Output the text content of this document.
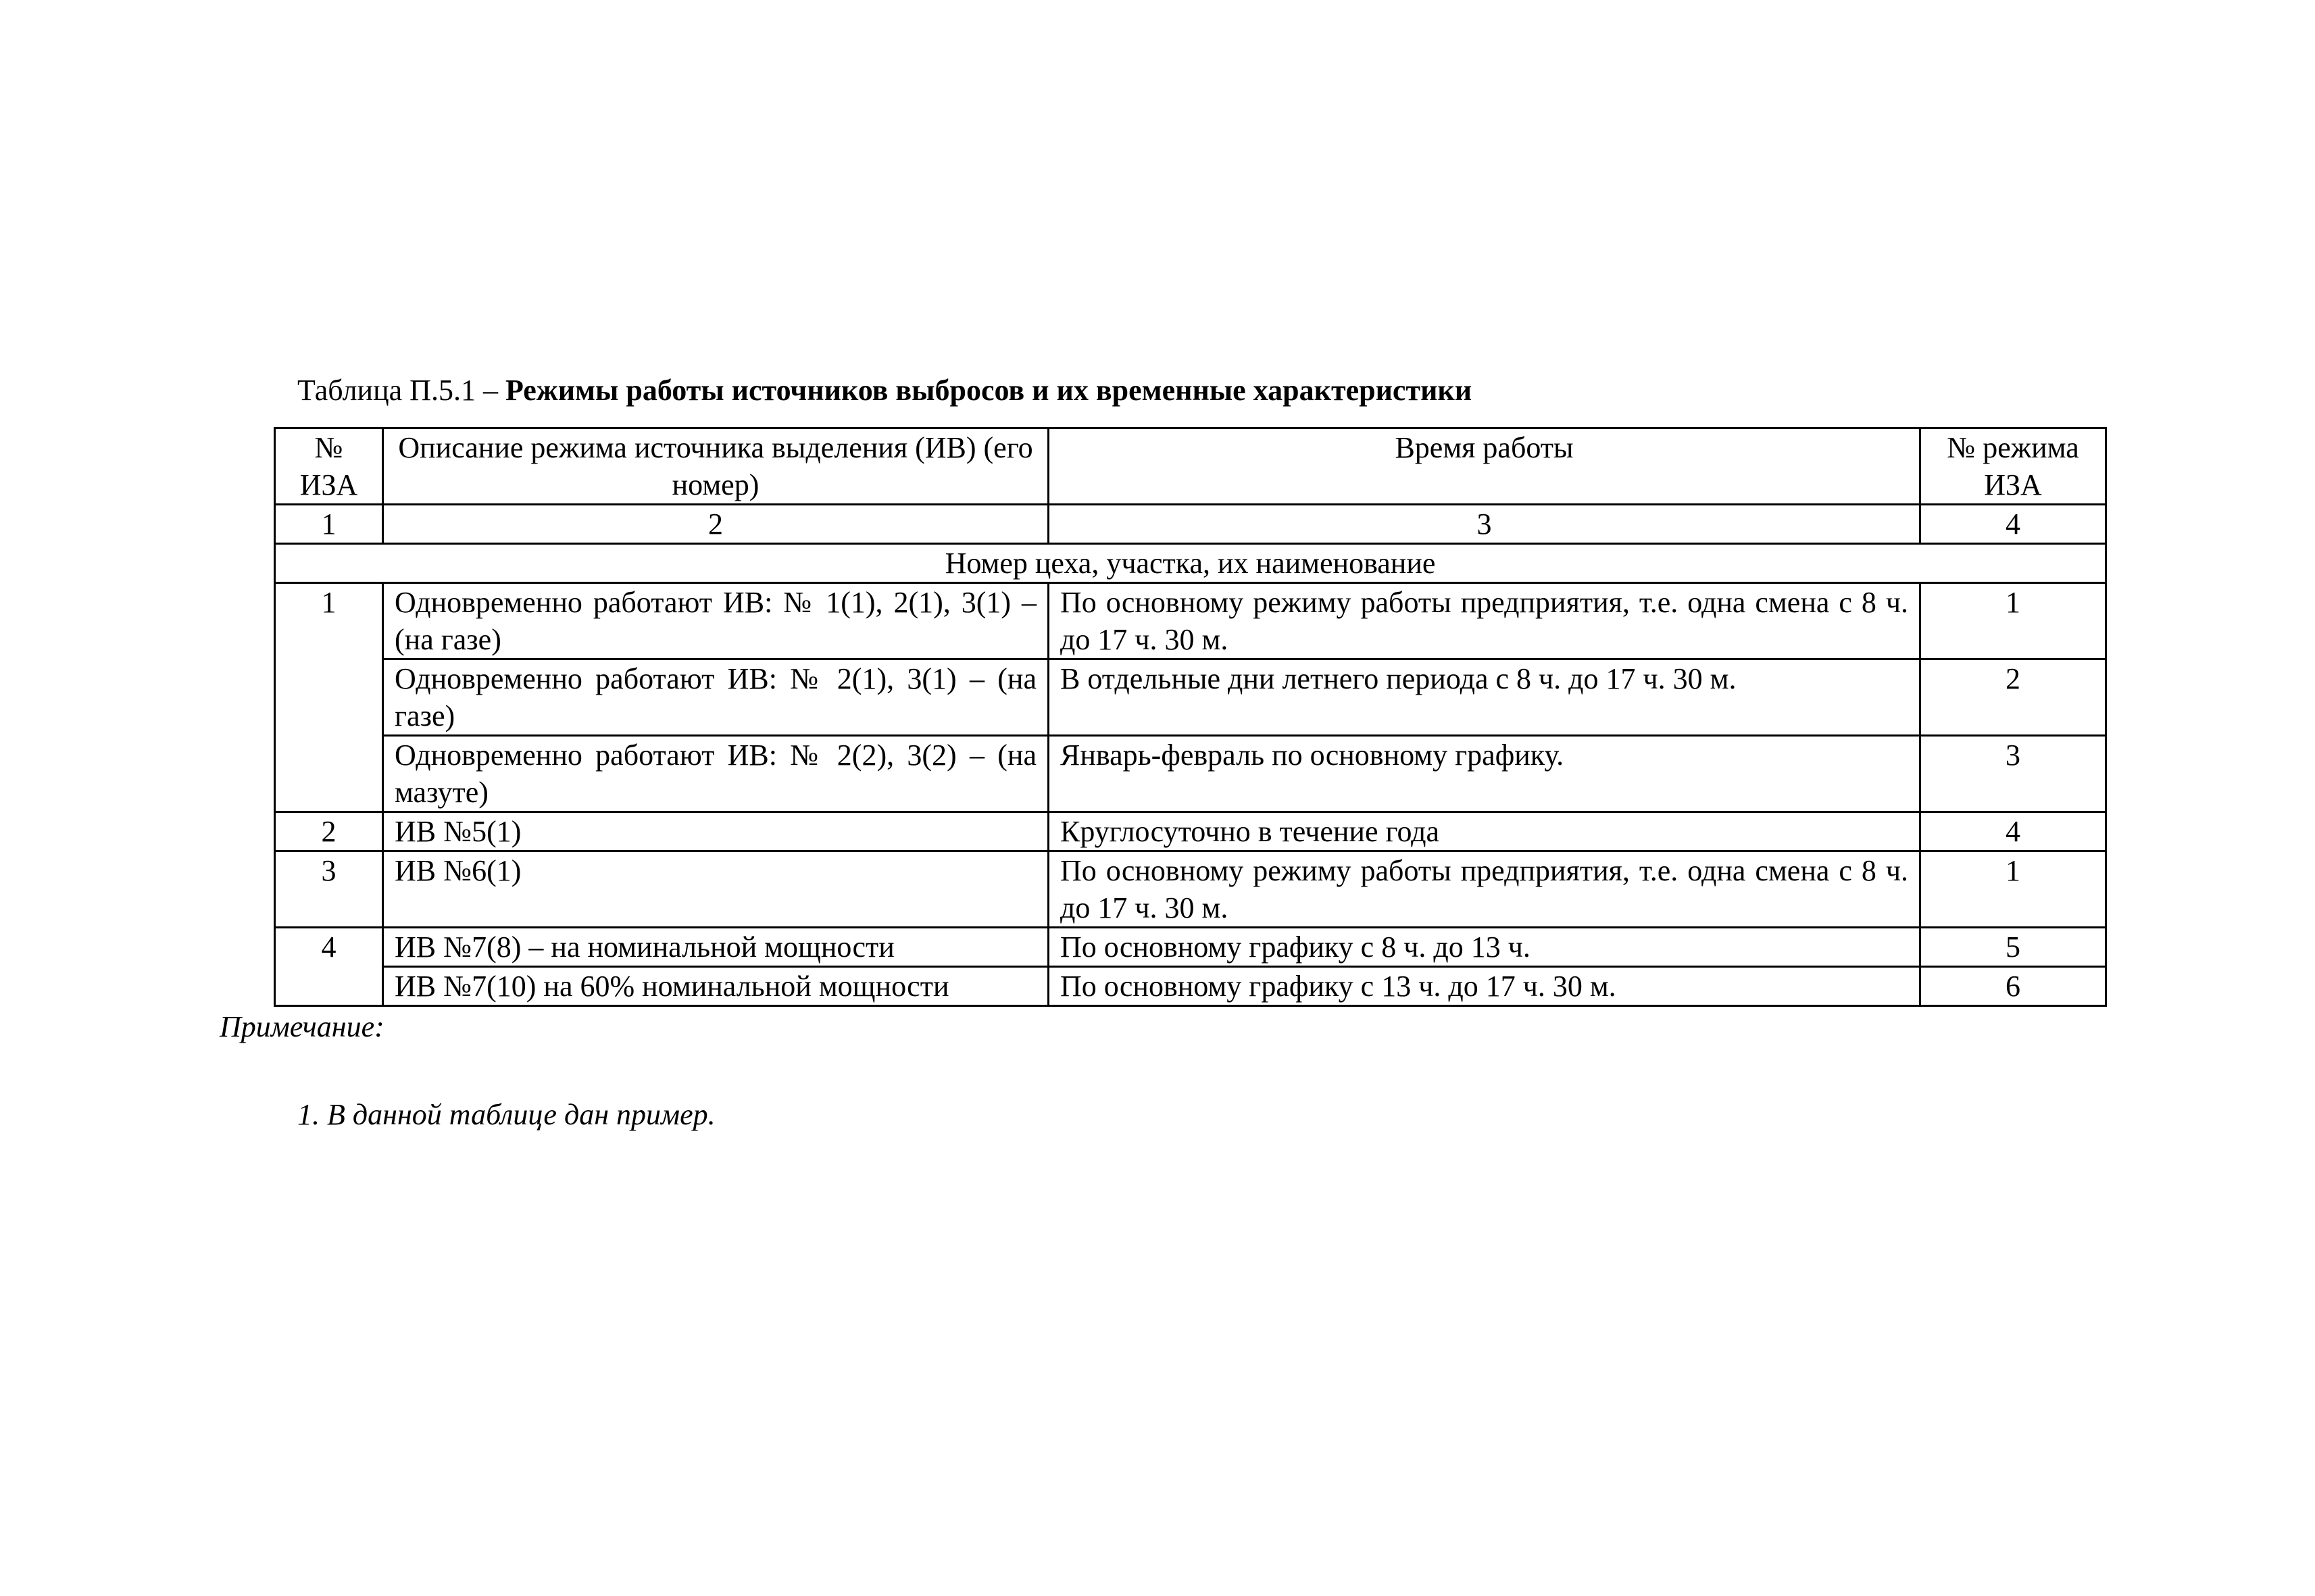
Таблица П.5.1 – Режимы работы источников выбросов и их временные характеристики
№ ИЗА	Описание режима источника выделения (ИВ) (его номер)	Время работы	№ режима ИЗА
1	2	3	4
Номер цеха, участка, их наименование			
1	Одновременно работают ИВ: № 1(1), 2(1), 3(1) – (на газе)	По основному режиму работы предприятия, т.е. одна смена с 8 ч. до 17 ч. 30 м.	1
	Одновременно работают ИВ: № 2(1), 3(1) – (на газе)	В отдельные дни летнего периода с 8 ч. до 17 ч. 30 м.	2
	Одновременно работают ИВ: № 2(2), 3(2) – (на мазуте)	Январь-февраль по основному графику.	3
2	ИВ №5(1)	Круглосуточно в течение года	4
3	ИВ №6(1)	По основному режиму работы предприятия, т.е. одна смена с 8 ч. до 17 ч. 30 м.	1
4	ИВ №7(8) – на номинальной мощности	По основному графику с 8 ч. до 13 ч.	5
	ИВ №7(10) на 60% номинальной мощности	По основному графику с 13 ч. до 17 ч. 30 м.	6
Примечание:
1. В данной таблице дан пример.
